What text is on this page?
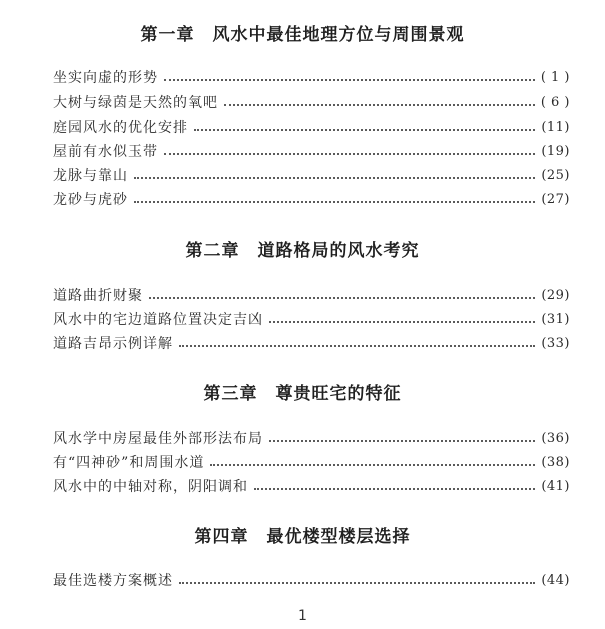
第一章　风水中最佳地理方位与周围景观
坐实向虚的形势	( 1 )
大树与绿茵是天然的氧吧	( 6 )
庭园风水的优化安排	(11)
屋前有水似玉带	(19)
龙脉与靠山	(25)
龙砂与虎砂	(27)
第二章　道路格局的风水考究
道路曲折财聚	(29)
风水中的宅边道路位置决定吉凶	(31)
道路吉昂示例详解	(33)
第三章　尊贵旺宅的特征
风水学中房屋最佳外部形法布局	(36)
有“四神砂”和周围水道	(38)
风水中的中轴对称，阴阳调和	(41)
第四章　最优楼型楼层选择
最佳选楼方案概述	(44)
1
